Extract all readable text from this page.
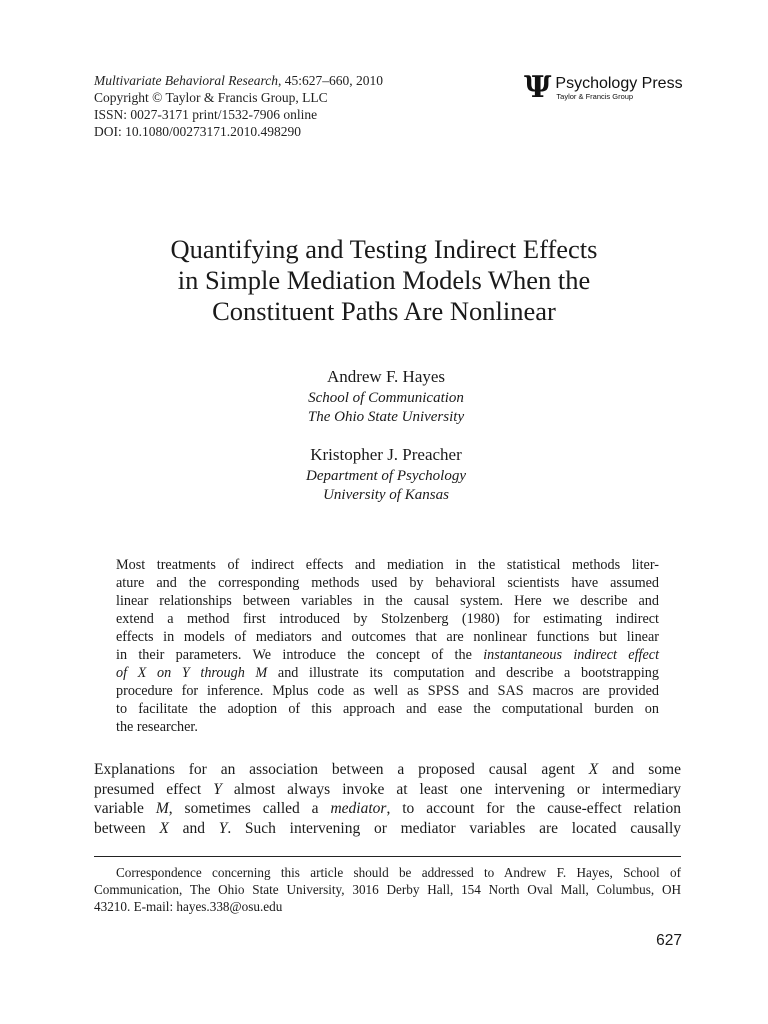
Multivariate Behavioral Research, 45:627–660, 2010
Copyright © Taylor & Francis Group, LLC
ISSN: 0027-3171 print/1532-7906 online
DOI: 10.1080/00273171.2010.498290
Ψ Psychology Press
Taylor & Francis Group
Quantifying and Testing Indirect Effects
in Simple Mediation Models When the
Constituent Paths Are Nonlinear
Andrew F. Hayes
School of Communication
The Ohio State University
Kristopher J. Preacher
Department of Psychology
University of Kansas
Most treatments of indirect effects and mediation in the statistical methods liter-
ature and the corresponding methods used by behavioral scientists have assumed
linear relationships between variables in the causal system. Here we describe and
extend a method first introduced by Stolzenberg (1980) for estimating indirect
effects in models of mediators and outcomes that are nonlinear functions but linear
in their parameters. We introduce the concept of the instantaneous indirect effect
of X on Y through M and illustrate its computation and describe a bootstrapping
procedure for inference. Mplus code as well as SPSS and SAS macros are provided
to facilitate the adoption of this approach and ease the computational burden on
the researcher.
Explanations for an association between a proposed causal agent X and some
presumed effect Y almost always invoke at least one intervening or intermediary
variable M, sometimes called a mediator, to account for the cause-effect relation
between X and Y. Such intervening or mediator variables are located causally
Correspondence concerning this article should be addressed to Andrew F. Hayes, School of
Communication, The Ohio State University, 3016 Derby Hall, 154 North Oval Mall, Columbus, OH
43210. E-mail: hayes.338@osu.edu
627
